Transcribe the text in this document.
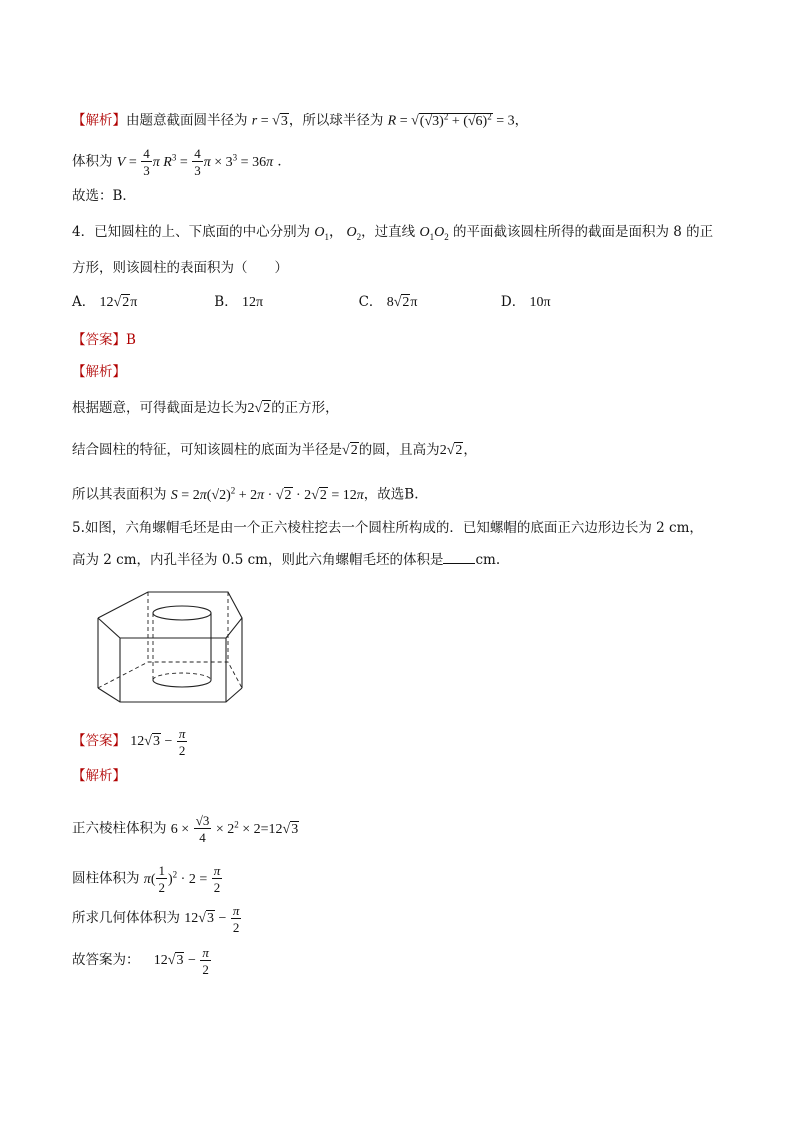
【解析】由题意截面圆半径为 r = √3，所以球半径为 $R = √(√3)^2 + (√6)^2 = 3$，
体积为 $V = \frac{4}{3}$ π $R^3 = \frac{4}{3}$ $\pi \times 3^3 = 36\pi$ ．
故选：B．
4．已知圆柱的上、下底面的中心分别为 $O_1$， $O_2$，过直线 $O_1O_2$ 的平面截该圆柱所得的截面是面积为 8 的正
方形，则该圆柱的表面积为（　　）
A． 12√2π	B． 12π	C． 8√2π	D． 10π
【答案】B
【解析】
根据题意，可得截面是边长为2√2的正方形，
结合圆柱的特征，可知该圆柱的底面为半径是√2的圆，且高为2√2，
所以其表面积为 $S = 2\pi(√2)^2 + 2\pi \cdot √2 \cdot 2√2 = 12\pi$，故选B.
5.如图，六角螺帽毛坯是由一个正六棱柱挖去一个圆柱所构成的．已知螺帽的底面正六边形边长为 2 cm，
高为 2 cm，内孔半径为 0.5 cm，则此六角螺帽毛坯的体积是 cm.
【答案】 $12√3 - \frac{\pi}{2}$
【解析】
正六棱柱体积为 $6 \times \frac{√3}{4} \times 2^2 \times 2=12√3$
圆柱体积为 $\pi( \frac{1}{2} )^2 \cdot 2 = \frac{\pi}{2}$
所求几何体体积为 $12√3 - \frac{\pi}{2}$
故答案为： $12√3 - \frac{\pi}{2}$
